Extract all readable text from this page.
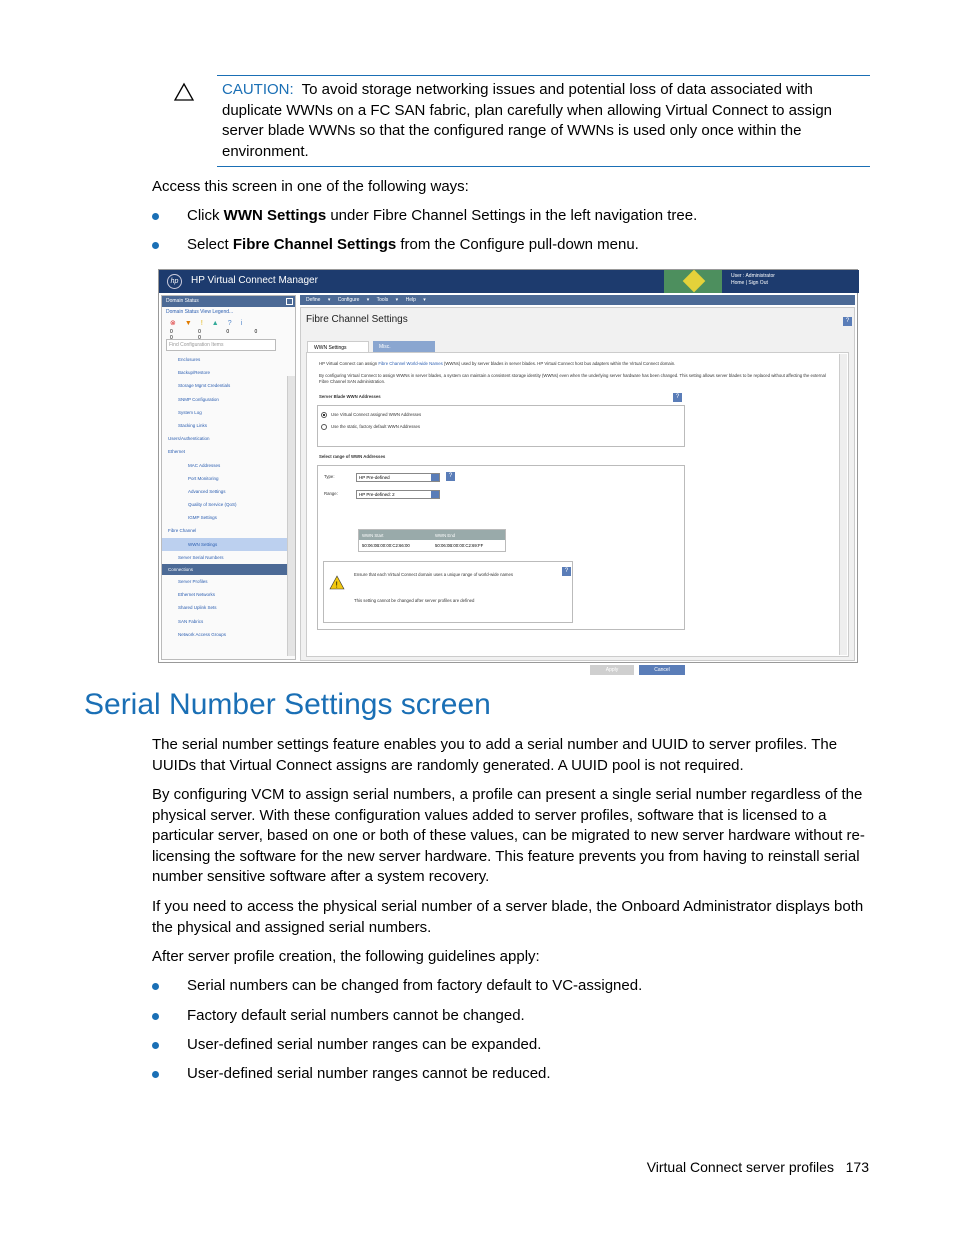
CAUTION: To avoid storage networking issues and potential loss of data associated with duplicate WWNs on a FC SAN fabric, plan carefully when allowing Virtual Connect to assign server blade WWNs so that the configured range of WWNs is used only once within the environment.
Access this screen in one of the following ways:
Click WWN Settings under Fibre Channel Settings in the left navigation tree.
Select Fibre Channel Settings from the Configure pull-down menu.
hp	HP Virtual Connect Manager	User : Administrator
Home | Sign Out
Domain Status
Domain Status View Legend...
⊗▼!▲?i
0 0 0 0 0 0
Find Configuration Items
Enclosures
Backup/Restore
Storage Mgmt Credentials
SNMP Configuration
System Log
Stacking Links
Users/Authentication
Ethernet
MAC Addresses
Port Monitoring
Advanced Settings
Quality of Service (QoS)
IGMP Settings
Fibre Channel
WWN Settings
Server Serial Numbers
Connections
Server Profiles
Ethernet Networks
Shared Uplink Sets
SAN Fabrics
Network Access Groups
Define ▾ Configure ▾ Tools ▾ Help ▾
Fibre Channel Settings	?
WWN Settings	Misc.
HP Virtual Connect can assign Fibre Channel World-wide Names (WWNs) used by server blades in server blades. HP Virtual Connect host bus adapters within the Virtual Connect domain.
By configuring Virtual Connect to assign WWNs in server blades, a system can maintain a consistent storage identity (WWNs) even when the underlying server hardware has been changed. This setting allows server blades to be replaced without affecting the external Fibre Channel SAN administration.
Server Blade WWN Addresses	?
Use Virtual Connect assigned WWN Addresses
Use the static, factory default WWN Addresses
Select range of WWN Addresses
Type:	HP Pre-defined	?
Range:	HP Pre-defined: 2
!
Ensure that each Virtual Connect domain uses a unique range of world-wide names
This setting cannot be changed after server profiles are defined
?
WWN Start	WWN End
50:06:0B:00:00:C2:66:00	50:06:0B:00:00:C2:69:FF
Apply	Cancel
Serial Number Settings screen
The serial number settings feature enables you to add a serial number and UUID to server profiles. The UUIDs that Virtual Connect assigns are randomly generated. A UUID pool is not required.
By configuring VCM to assign serial numbers, a profile can present a single serial number regardless of the physical server. With these configuration values added to server profiles, software that is licensed to a particular server, based on one or both of these values, can be migrated to new server hardware without re-licensing the software for the new server hardware. This feature prevents you from having to reinstall serial number sensitive software after a system recovery.
If you need to access the physical serial number of a server blade, the Onboard Administrator displays both the physical and assigned serial numbers.
After server profile creation, the following guidelines apply:
Serial numbers can be changed from factory default to VC-assigned.
Factory default serial numbers cannot be changed.
User-defined serial number ranges can be expanded.
User-defined serial number ranges cannot be reduced.
Virtual Connect server profiles 173
